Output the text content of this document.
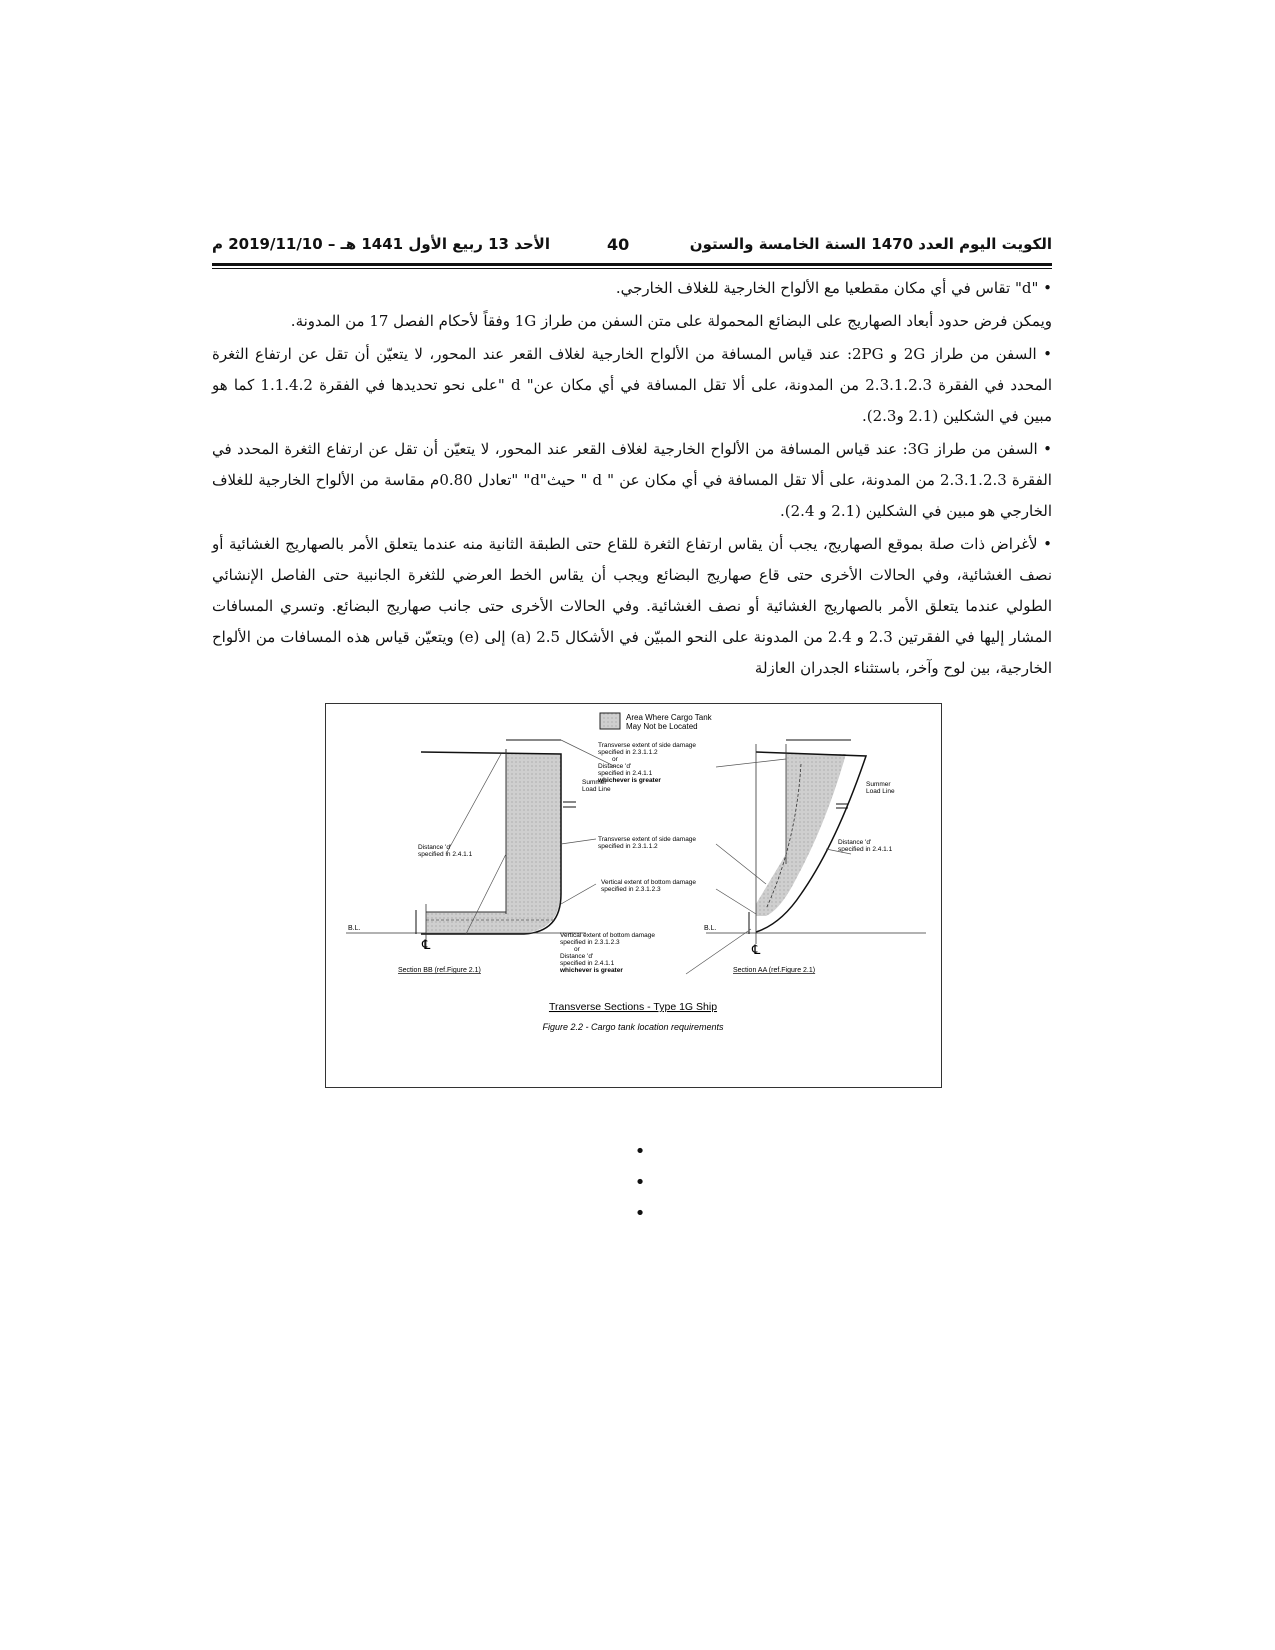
الكويت اليوم العدد 1470 السنة الخامسة والستون
40
الأحد 13 ربيع الأول 1441 هـ – 2019/11/10 م

• "d" تقاس في أي مكان مقطعيا مع الألواح الخارجية للغلاف الخارجي.

ويمكن فرض حدود أبعاد الصهاريج على البضائع المحمولة على متن السفن من طراز 1G وفقاً لأحكام الفصل 17 من المدونة.

• السفن من طراز 2G و 2PG: عند قياس المسافة من الألواح الخارجية لغلاف القعر عند المحور، لا يتعيّن أن تقل عن ارتفاع الثغرة المحدد في الفقرة 2.3.1.2.3 من المدونة، على ألا تقل المسافة في أي مكان عن" d "على نحو تحديدها في الفقرة 1.1.4.2 كما هو مبين في الشكلين (2.1 و2.3).

• السفن من طراز 3G: عند قياس المسافة من الألواح الخارجية لغلاف القعر عند المحور، لا يتعيّن أن تقل عن ارتفاع الثغرة المحدد في الفقرة 2.3.1.2.3 من المدونة، على ألا تقل المسافة في أي مكان عن " d " حيث"d" "تعادل 0.80م مقاسة من الألواح الخارجية للغلاف الخارجي هو مبين في الشكلين (2.1 و 2.4).

• لأغراض ذات صلة بموقع الصهاريج، يجب أن يقاس ارتفاع الثغرة للقاع حتى الطبقة الثانية منه عندما يتعلق الأمر بالصهاريج الغشائية أو نصف الغشائية، وفي الحالات الأخرى حتى قاع صهاريج البضائع ويجب أن يقاس الخط العرضي للثغرة الجانبية حتى الفاصل الإنشائي الطولي عندما يتعلق الأمر بالصهاريج الغشائية أو نصف الغشائية. وفي الحالات الأخرى حتى جانب صهاريج البضائع. وتسري المسافات المشار إليها في الفقرتين 2.3 و 2.4 من المدونة على النحو المبيّن في الأشكال 2.5 (a) إلى (e) ويتعيّن قياس هذه المسافات من الألواح الخارجية، بين لوح وآخر، باستثناء الجدران العازلة

Area Where Cargo Tank
May Not be Located
Transverse extent of side damage
specified in 2.3.1.1.2
or
Distance 'd'
specified in 2.4.1.1
whichever is greater
Summer
Load Line
Summer
Load Line
Transverse extent of side damage
specified in 2.3.1.1.2
Distance 'd'
specified in 2.4.1.1
Distance 'd'
specified in 2.4.1.1
Vertical extent of bottom damage
specified in 2.3.1.2.3
B.L.	B.L.
℄	℄
Vertical extent of bottom damage
specified in 2.3.1.2.3
or
Distance 'd'
specified in 2.4.1.1
whichever is greater
Section BB (ref.Figure 2.1)	Section AA (ref.Figure 2.1)
Transverse Sections - Type 1G Ship
Figure 2.2 - Cargo tank location requirements
•
•
•
